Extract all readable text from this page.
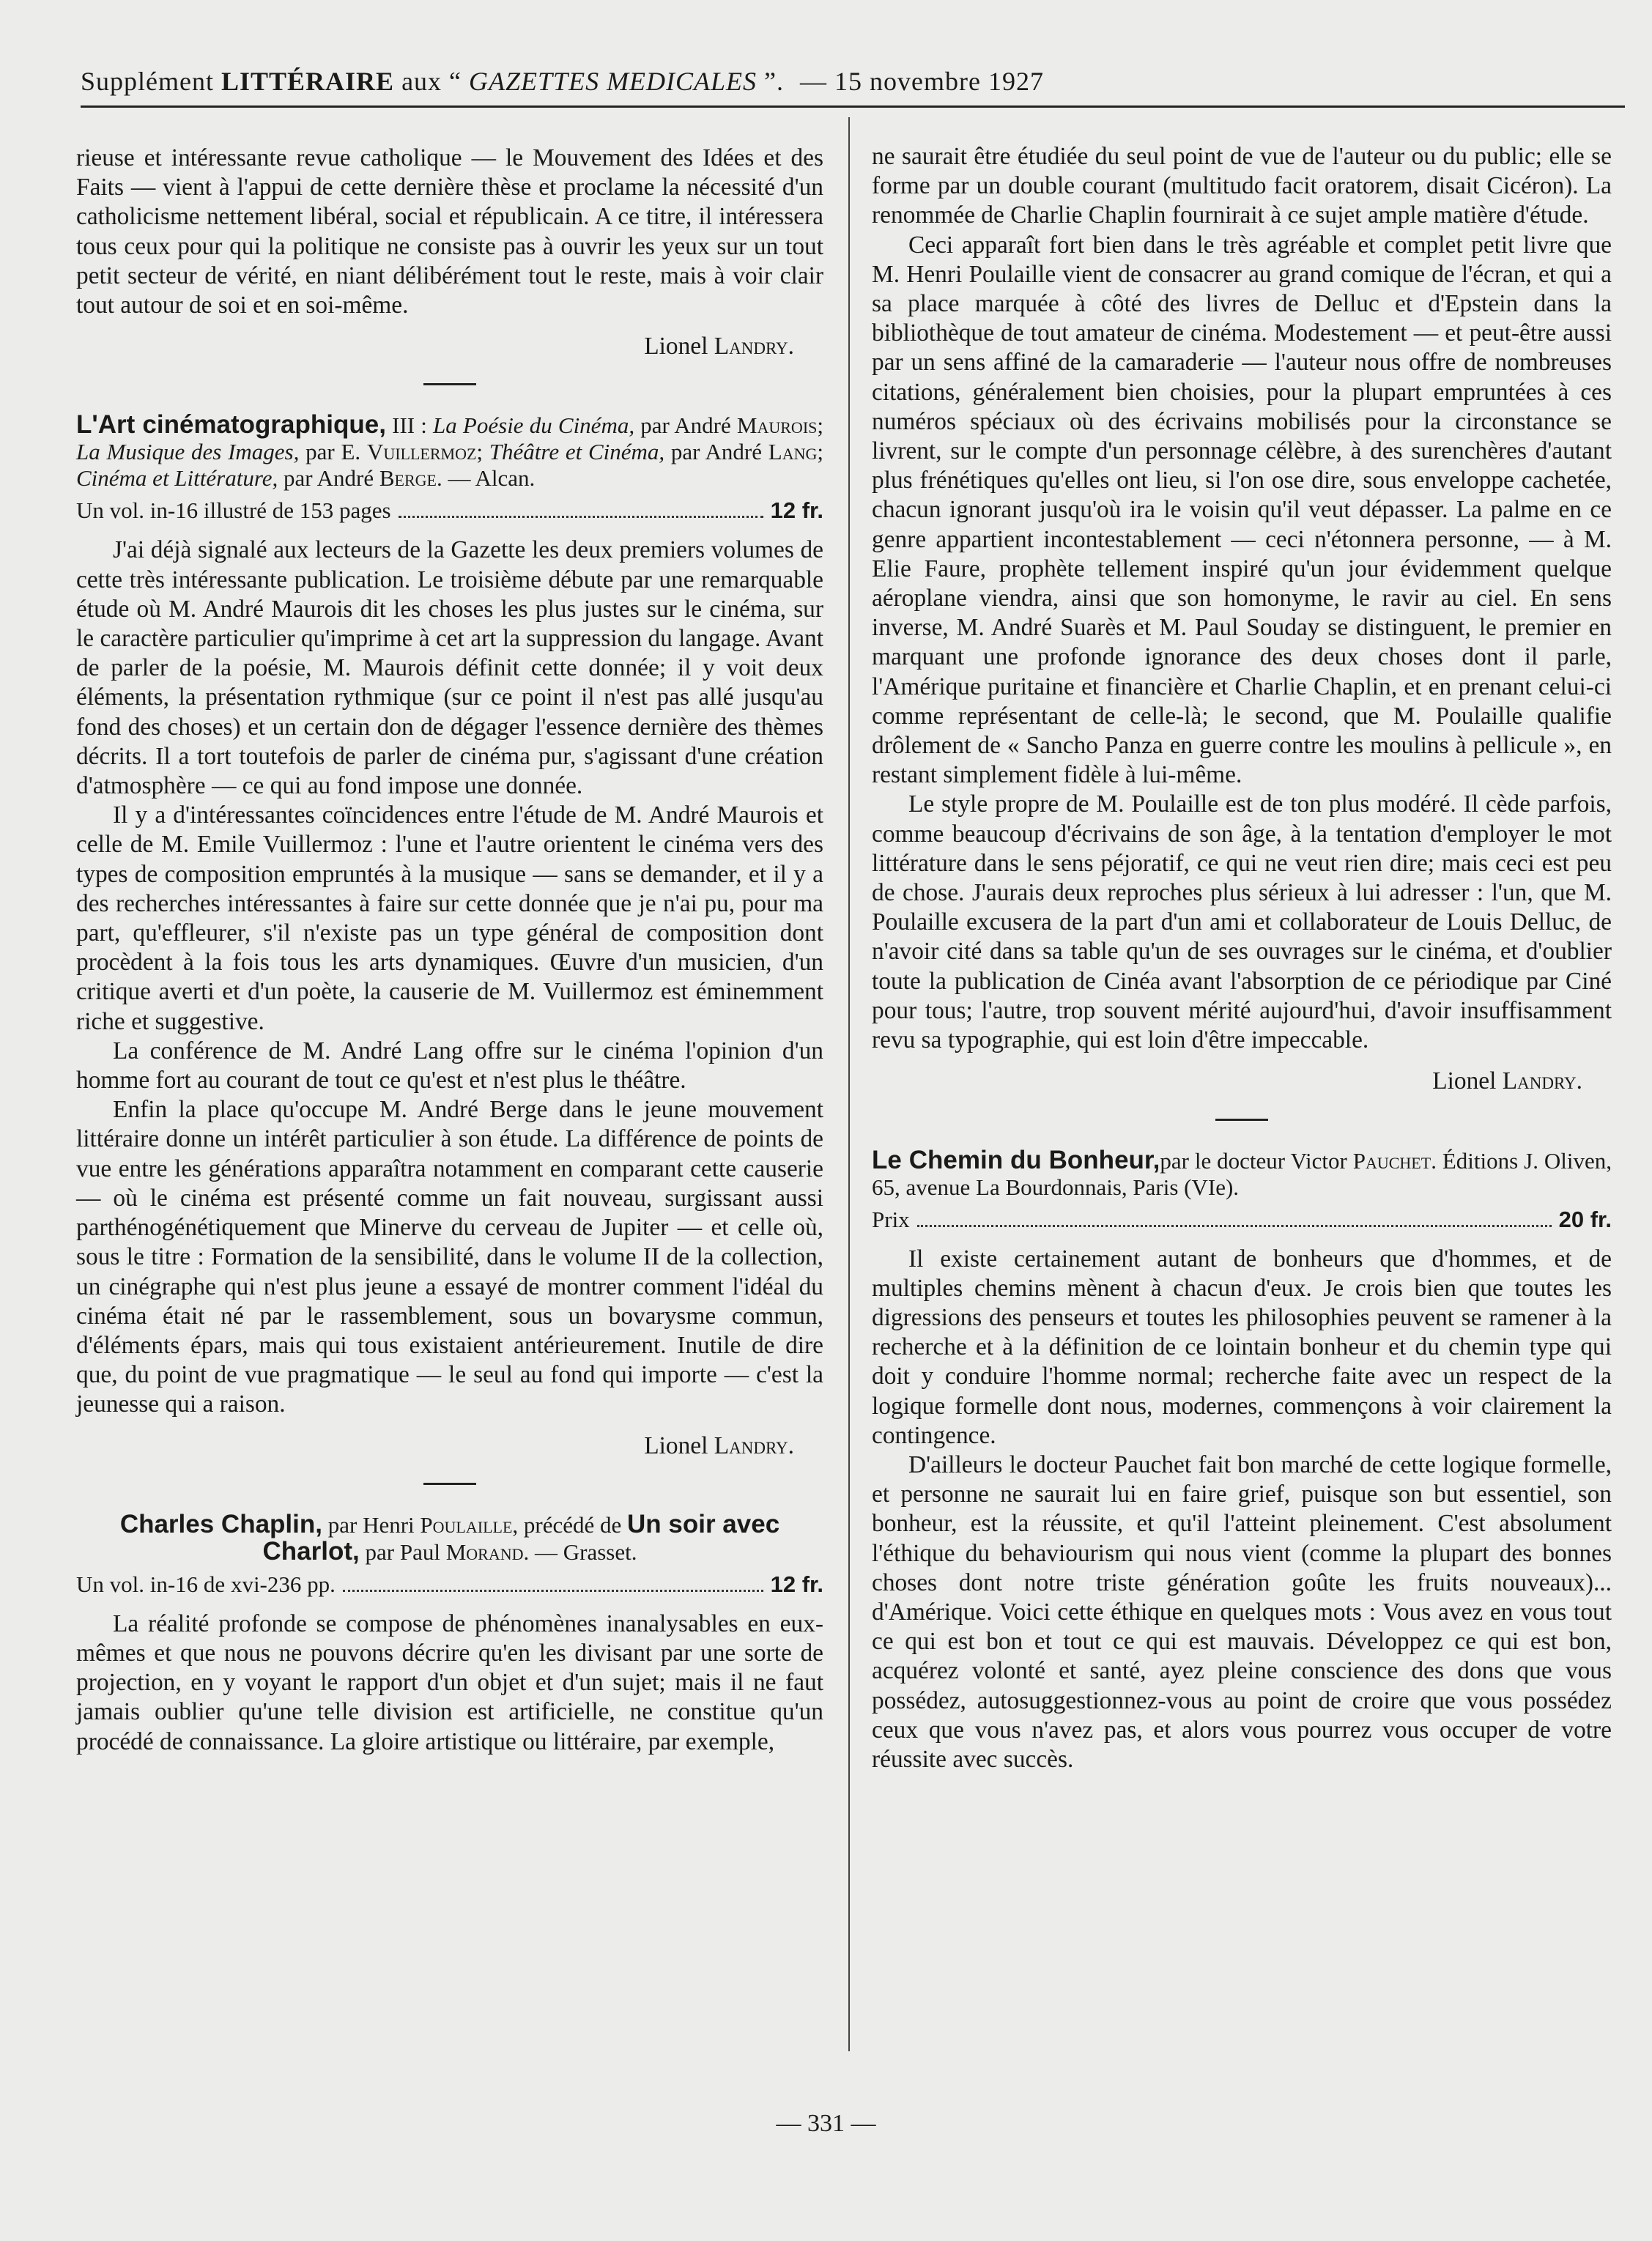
Supplément LITTÉRAIRE aux “ GAZETTES MEDICALES ”. — 15 novembre 1927

rieuse et intéressante revue catholique — le Mouvement des Idées et des Faits — vient à l'appui de cette dernière thèse et proclame la nécessité d'un catholicisme nettement libéral, social et républicain. A ce titre, il intéressera tous ceux pour qui la politique ne consiste pas à ouvrir les yeux sur un tout petit secteur de vérité, en niant délibérément tout le reste, mais à voir clair tout autour de soi et en soi-même.

Lionel Landry.
L'Art cinématographique, III : La Poésie du Cinéma, par André Maurois; La Musique des Images, par E. Vuillermoz; Théâtre et Cinéma, par André Lang; Cinéma et Littérature, par André Berge. — Alcan.
Un vol. in-16 illustré de 153 pages	12 fr.

J'ai déjà signalé aux lecteurs de la Gazette les deux premiers volumes de cette très intéressante publication. Le troisième débute par une remarquable étude où M. André Maurois dit les choses les plus justes sur le cinéma, sur le caractère particulier qu'imprime à cet art la suppression du langage. Avant de parler de la poésie, M. Maurois définit cette donnée; il y voit deux éléments, la présentation rythmique (sur ce point il n'est pas allé jusqu'au fond des choses) et un certain don de dégager l'essence dernière des thèmes décrits. Il a tort toutefois de parler de cinéma pur, s'agissant d'une création d'atmosphère — ce qui au fond impose une donnée.

Il y a d'intéressantes coïncidences entre l'étude de M. André Maurois et celle de M. Emile Vuillermoz : l'une et l'autre orientent le cinéma vers des types de composition empruntés à la musique — sans se demander, et il y a des recherches intéressantes à faire sur cette donnée que je n'ai pu, pour ma part, qu'effleurer, s'il n'existe pas un type général de composition dont procèdent à la fois tous les arts dynamiques. Œuvre d'un musicien, d'un critique averti et d'un poète, la causerie de M. Vuillermoz est éminemment riche et suggestive.

La conférence de M. André Lang offre sur le cinéma l'opinion d'un homme fort au courant de tout ce qu'est et n'est plus le théâtre.

Enfin la place qu'occupe M. André Berge dans le jeune mouvement littéraire donne un intérêt particulier à son étude. La différence de points de vue entre les générations apparaîtra notamment en comparant cette causerie — où le cinéma est présenté comme un fait nouveau, surgissant aussi parthénogénétiquement que Minerve du cerveau de Jupiter — et celle où, sous le titre : Formation de la sensibilité, dans le volume II de la collection, un cinégraphe qui n'est plus jeune a essayé de montrer comment l'idéal du cinéma était né par le rassemblement, sous un bovarysme commun, d'éléments épars, mais qui tous existaient antérieurement. Inutile de dire que, du point de vue pragmatique — le seul au fond qui importe — c'est la jeunesse qui a raison.

Lionel Landry.
Charles Chaplin, par Henri Poulaille, précédé de Un soir avec Charlot, par Paul Morand. — Grasset.
Un vol. in-16 de xvi-236 pp.	12 fr.

La réalité profonde se compose de phénomènes inanalysables en eux-mêmes et que nous ne pouvons décrire qu'en les divisant par une sorte de projection, en y voyant le rapport d'un objet et d'un sujet; mais il ne faut jamais oublier qu'une telle division est artificielle, ne constitue qu'un procédé de connaissance. La gloire artistique ou littéraire, par exemple,

ne saurait être étudiée du seul point de vue de l'auteur ou du public; elle se forme par un double courant (multitudo facit oratorem, disait Cicéron). La renommée de Charlie Chaplin fournirait à ce sujet ample matière d'étude.

Ceci apparaît fort bien dans le très agréable et complet petit livre que M. Henri Poulaille vient de consacrer au grand comique de l'écran, et qui a sa place marquée à côté des livres de Delluc et d'Epstein dans la bibliothèque de tout amateur de cinéma. Modestement — et peut-être aussi par un sens affiné de la camaraderie — l'auteur nous offre de nombreuses citations, généralement bien choisies, pour la plupart empruntées à ces numéros spéciaux où des écrivains mobilisés pour la circonstance se livrent, sur le compte d'un personnage célèbre, à des surenchères d'autant plus frénétiques qu'elles ont lieu, si l'on ose dire, sous enveloppe cachetée, chacun ignorant jusqu'où ira le voisin qu'il veut dépasser. La palme en ce genre appartient incontestablement — ceci n'étonnera personne, — à M. Elie Faure, prophète tellement inspiré qu'un jour évidemment quelque aéroplane viendra, ainsi que son homonyme, le ravir au ciel. En sens inverse, M. André Suarès et M. Paul Souday se distinguent, le premier en marquant une profonde ignorance des deux choses dont il parle, l'Amérique puritaine et financière et Charlie Chaplin, et en prenant celui-ci comme représentant de celle-là; le second, que M. Poulaille qualifie drôlement de « Sancho Panza en guerre contre les moulins à pellicule », en restant simplement fidèle à lui-même.

Le style propre de M. Poulaille est de ton plus modéré. Il cède parfois, comme beaucoup d'écrivains de son âge, à la tentation d'employer le mot littérature dans le sens péjoratif, ce qui ne veut rien dire; mais ceci est peu de chose. J'aurais deux reproches plus sérieux à lui adresser : l'un, que M. Poulaille excusera de la part d'un ami et collaborateur de Louis Delluc, de n'avoir cité dans sa table qu'un de ses ouvrages sur le cinéma, et d'oublier toute la publication de Cinéa avant l'absorption de ce périodique par Ciné pour tous; l'autre, trop souvent mérité aujourd'hui, d'avoir insuffisamment revu sa typographie, qui est loin d'être impeccable.

Lionel Landry.
Le Chemin du Bonheur,par le docteur Victor Pauchet. Éditions J. Oliven, 65, avenue La Bourdonnais, Paris (VIe).
Prix	20 fr.

Il existe certainement autant de bonheurs que d'hommes, et de multiples chemins mènent à chacun d'eux. Je crois bien que toutes les digressions des penseurs et toutes les philosophies peuvent se ramener à la recherche et à la définition de ce lointain bonheur et du chemin type qui doit y conduire l'homme normal; recherche faite avec un respect de la logique formelle dont nous, modernes, commençons à voir clairement la contingence.

D'ailleurs le docteur Pauchet fait bon marché de cette logique formelle, et personne ne saurait lui en faire grief, puisque son but essentiel, son bonheur, est la réussite, et qu'il l'atteint pleinement. C'est absolument l'éthique du behaviourism qui nous vient (comme la plupart des bonnes choses dont notre triste génération goûte les fruits nouveaux)... d'Amérique. Voici cette éthique en quelques mots : Vous avez en vous tout ce qui est bon et tout ce qui est mauvais. Développez ce qui est bon, acquérez volonté et santé, ayez pleine conscience des dons que vous possédez, autosuggestionnez-vous au point de croire que vous possédez ceux que vous n'avez pas, et alors vous pourrez vous occuper de votre réussite avec succès.

— 331 —
